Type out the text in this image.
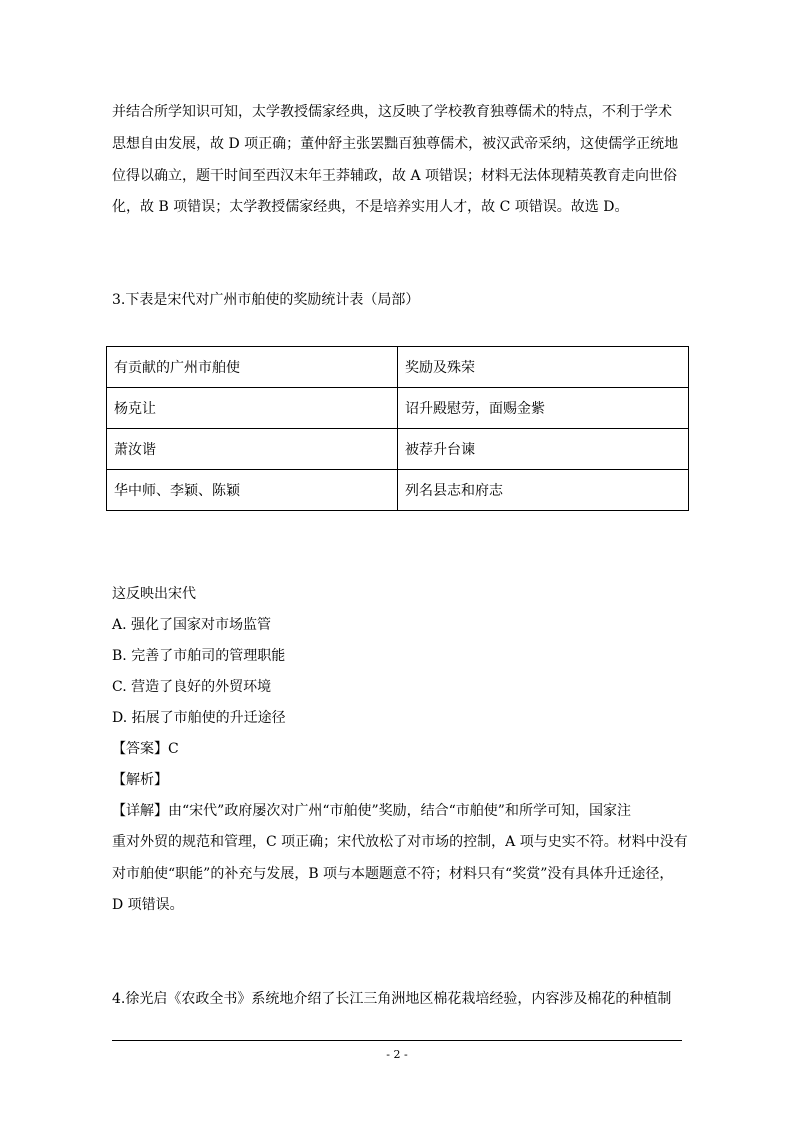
并结合所学知识可知，太学教授儒家经典，这反映了学校教育独尊儒术的特点，不利于学术
思想自由发展，故 D 项正确；董仲舒主张罢黜百独尊儒术，被汉武帝采纳，这使儒学正统地
位得以确立，题干时间至西汉末年王莽辅政，故 A 项错误；材料无法体现精英教育走向世俗
化，故 B 项错误；太学教授儒家经典，不是培养实用人才，故 C 项错误。故选 D。
3.下表是宋代对广州市舶使的奖励统计表（局部）
有贡献的广州市舶使	奖励及殊荣
杨克让	诏升殿慰劳，面赐金紫
萧汝谐	被荐升台谏
华中师、李颖、陈颖	列名县志和府志
这反映出宋代
A. 强化了国家对市场监管
B. 完善了市舶司的管理职能
C. 营造了良好的外贸环境
D. 拓展了市舶使的升迁途径
【答案】C
【解析】
【详解】由“宋代”政府屡次对广州“市舶使”奖励，结合“市舶使”和所学可知，国家注
重对外贸的规范和管理，C 项正确；宋代放松了对市场的控制，A 项与史实不符。材料中没有
对市舶使“职能”的补充与发展，B 项与本题题意不符；材料只有“奖赏”没有具体升迁途径，
D 项错误。
4.徐光启《农政全书》系统地介绍了长江三角洲地区棉花栽培经验，内容涉及棉花的种植制
- 2 -
